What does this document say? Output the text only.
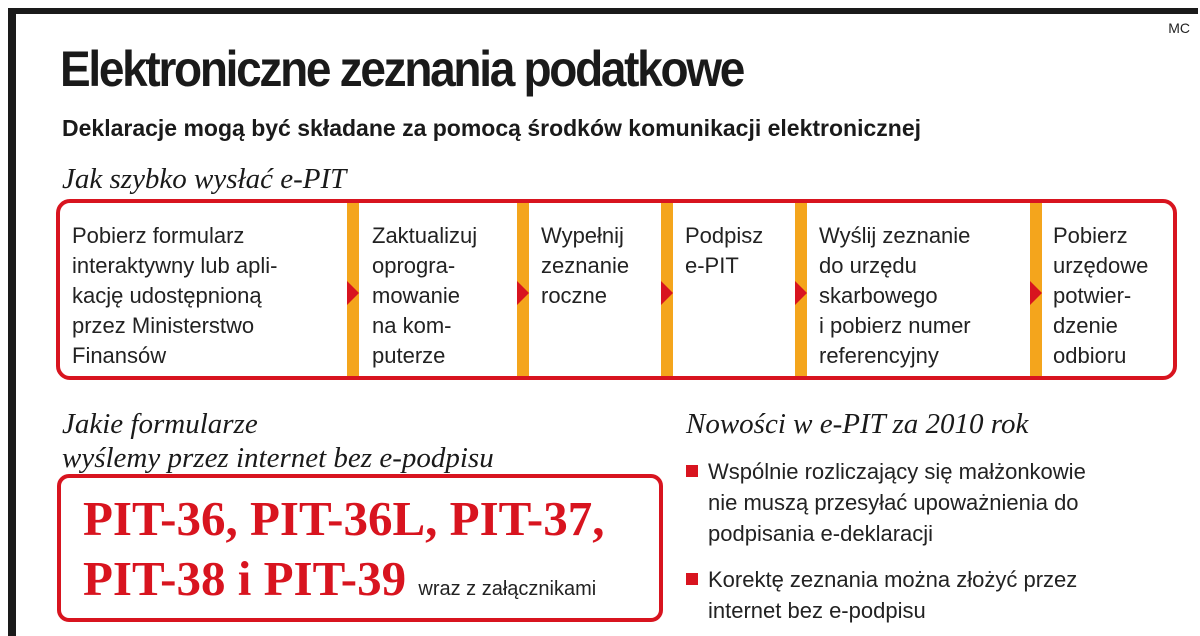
MC
Elektroniczne zeznania podatkowe
Deklaracje mogą być składane za pomocą środków komunikacji elektronicznej
Jak szybko wysłać e-PIT
Pobierz formularz
interaktywny lub apli-
kację udostępnioną
przez Ministerstwo
Finansów
Zaktualizuj
oprogra-
mowanie
na kom-
puterze
Wypełnij
zeznanie
roczne
Podpisz
e-PIT
Wyślij zeznanie
do urzędu
skarbowego
i pobierz numer
referencyjny
Pobierz
urzędowe
potwier-
dzenie
odbioru
Jakie formularze
wyślemy przez internet bez e-podpisu
PIT-36, PIT-36L, PIT-37,
PIT-38 i PIT-39 wraz z załącznikami
Nowości w e-PIT za 2010 rok
Wspólnie rozliczający się małżonkowie
nie muszą przesyłać upoważnienia do
podpisania e-deklaracji
Korektę zeznania można złożyć przez
internet bez e-podpisu
